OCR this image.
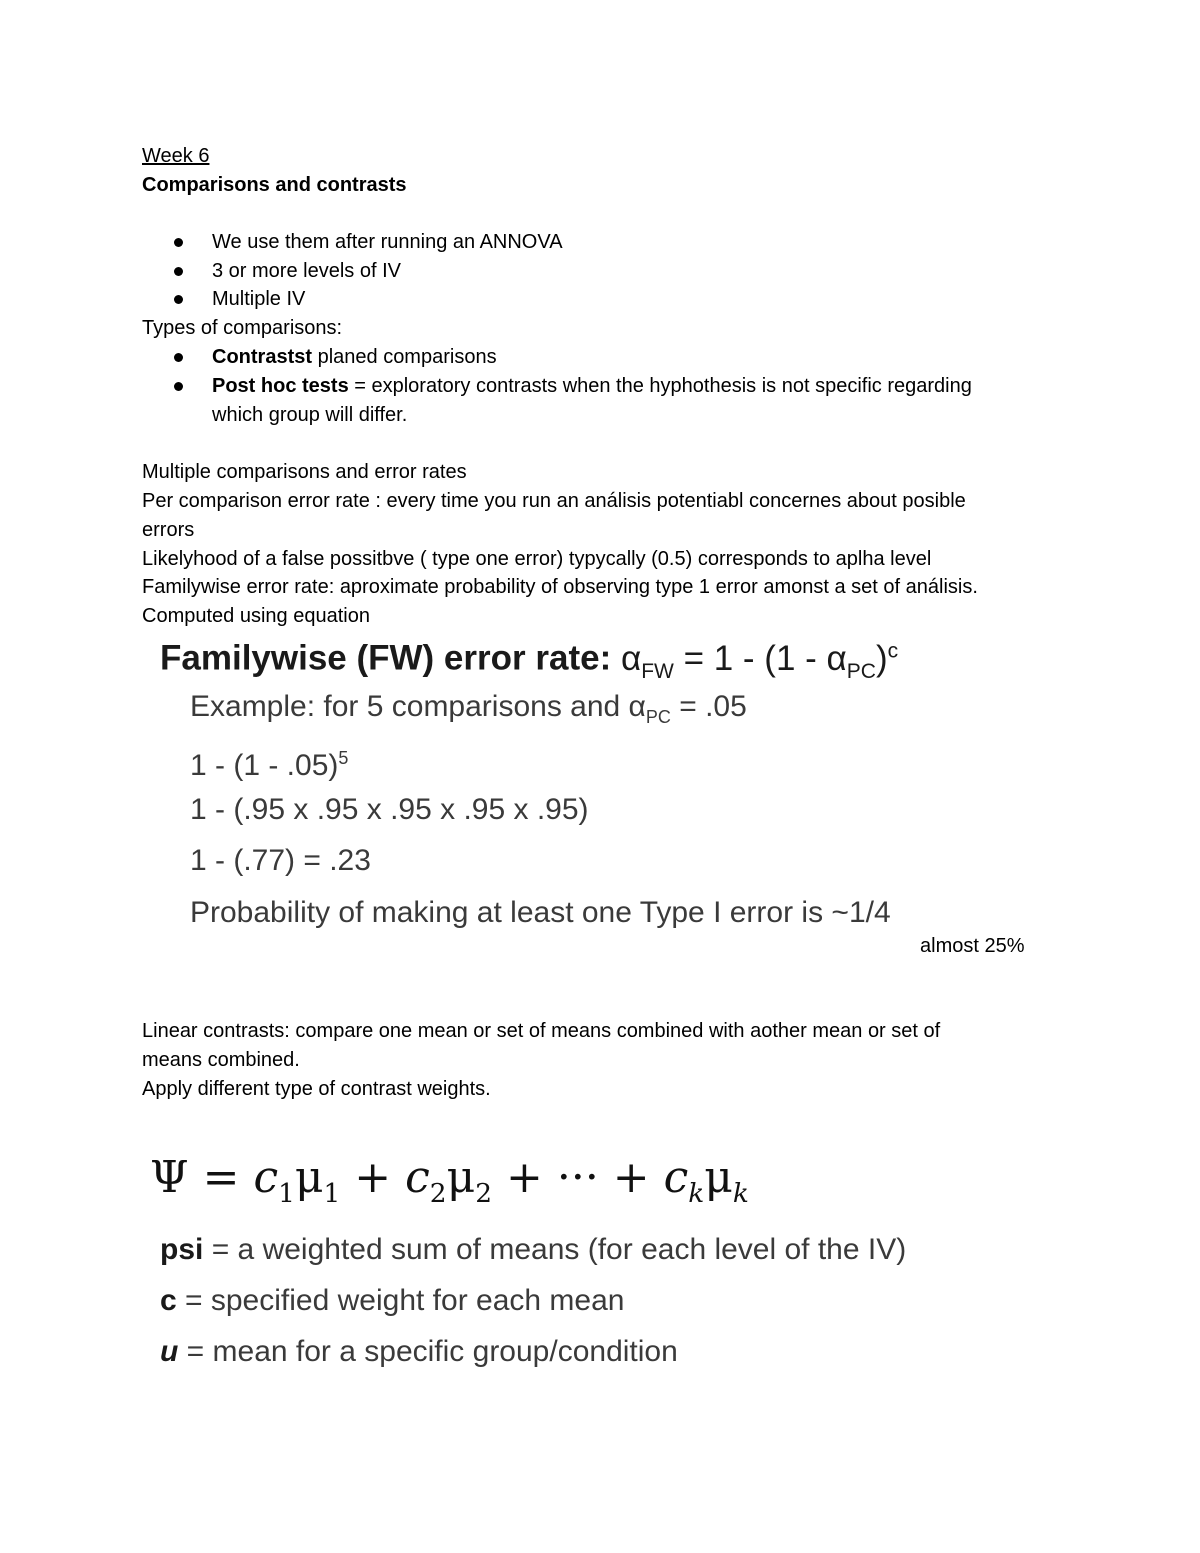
Week 6
Comparisons and contrasts
We use them after running an ANNOVA
3 or more levels of IV
Multiple IV
Types of comparisons:
Contrastst planed comparisons
Post hoc tests = exploratory contrasts when the hyphothesis is not specific regarding
which group will differ.
Multiple comparisons and error rates
Per comparison error rate : every time you run an análisis potentiabl concernes about posible
errors
Likelyhood of a false possitbve ( type one error) typycally (0.5) corresponds to aplha level
Familywise error rate: aproximate probability of observing type 1 error amonst a set of análisis.
Computed using equation
Familywise (FW) error rate: $\alpha_{FW} = 1 - (1 - \alpha_{PC})^c$
Example: for 5 comparisons and $\alpha_{PC} = .05$
1 - (1 - .05)$^5$
1 - (.95 x .95 x .95 x .95 x .95)
1 - (.77) = .23
Probability of making at least one Type I error is ~1/4
almost 25%
Linear contrasts: compare one mean or set of means combined with aother mean or set of
means combined.
Apply different type of contrast weights.
$\Psi = c_1\mu_1 + c_2\mu_2$ + ··· + $c_k\mu_k$
psi = a weighted sum of means (for each level of the IV)
c = specified weight for each mean
u = mean for a specific group/condition
